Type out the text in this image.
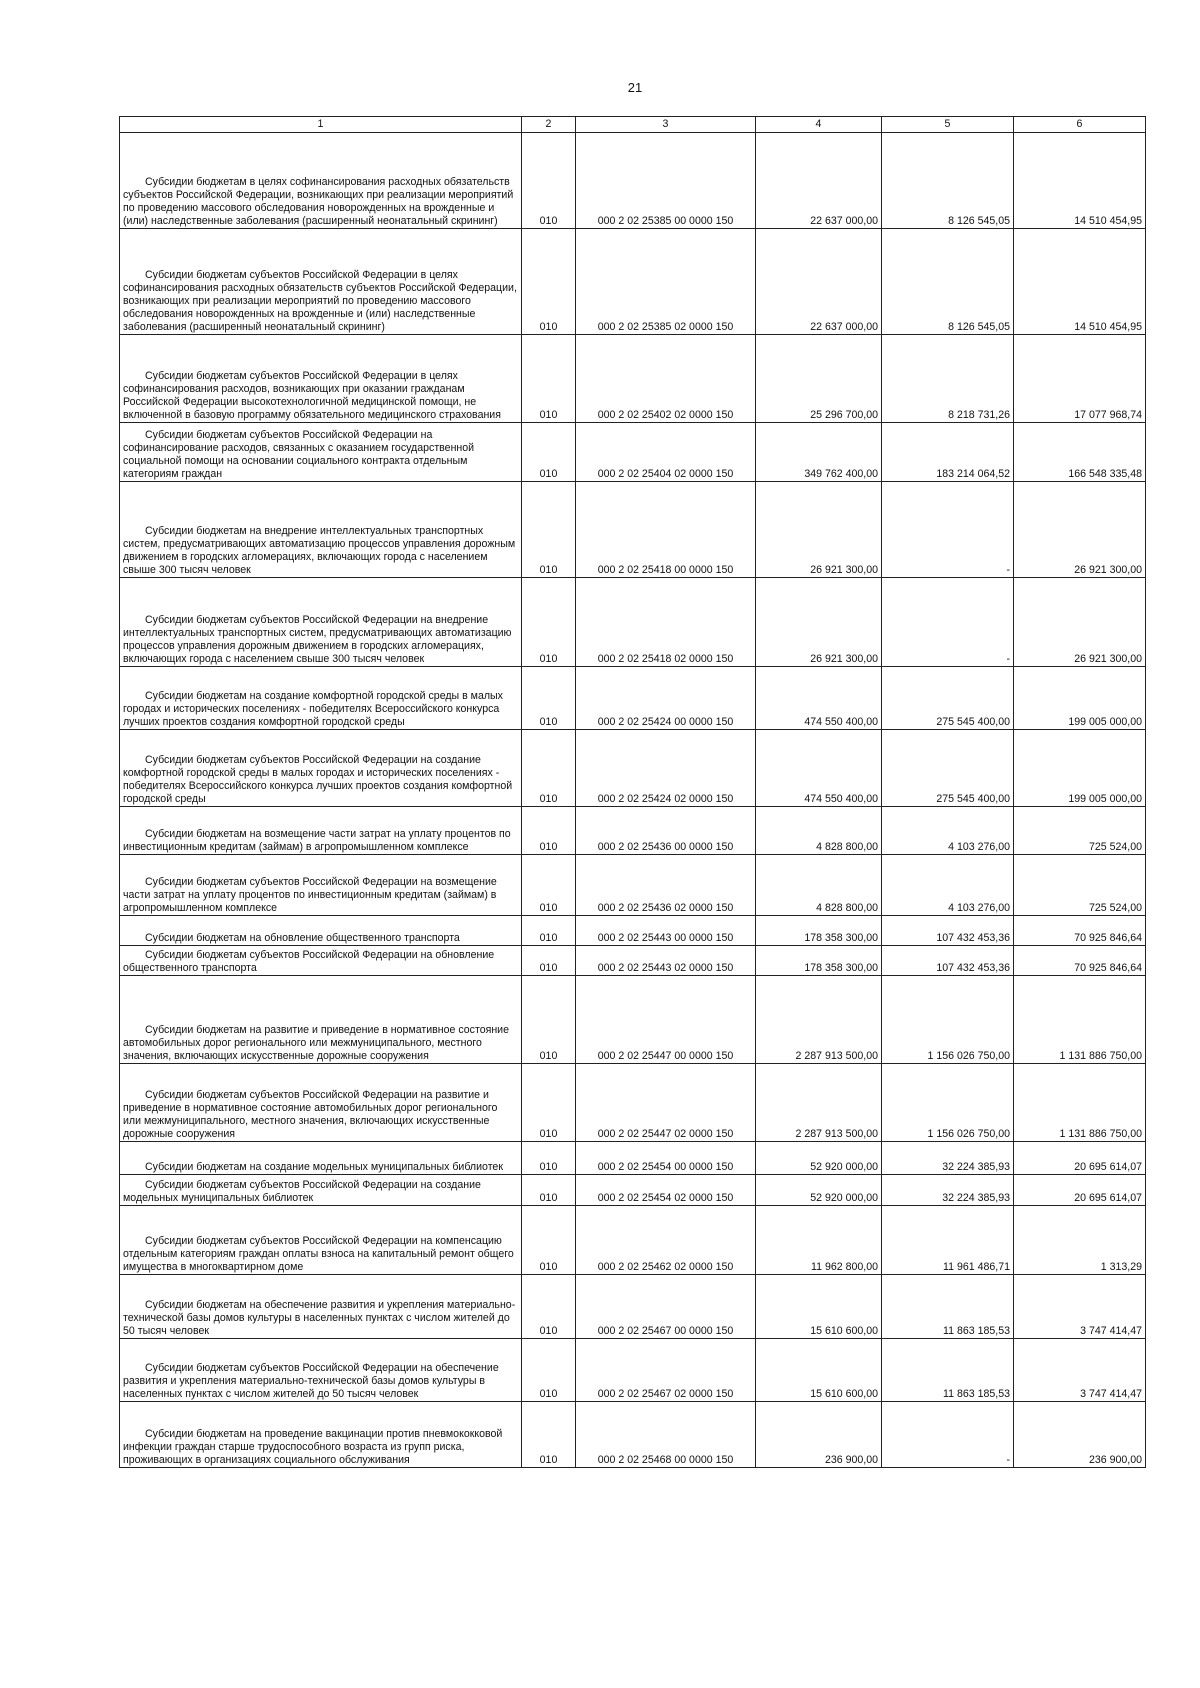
21
1	2	3	4	5	6
Субсидии бюджетам в целях софинансирования расходных обязательств субъектов Российской Федерации, возникающих при реализации мероприятий по проведению массового обследования новорожденных на врожденные и (или) наследственные заболевания (расширенный неонатальный скрининг)	010	000 2 02 25385 00 0000 150	22 637 000,00	8 126 545,05	14 510 454,95
Субсидии бюджетам субъектов Российской Федерации в целях софинансирования расходных обязательств субъектов Российской Федерации, возникающих при реализации мероприятий по проведению массового обследования новорожденных на врожденные и (или) наследственные заболевания (расширенный неонатальный скрининг)	010	000 2 02 25385 02 0000 150	22 637 000,00	8 126 545,05	14 510 454,95
Субсидии бюджетам субъектов Российской Федерации в целях софинансирования расходов, возникающих при оказании гражданам Российской Федерации высокотехнологичной медицинской помощи, не включенной в базовую программу обязательного медицинского страхования	010	000 2 02 25402 02 0000 150	25 296 700,00	8 218 731,26	17 077 968,74
Субсидии бюджетам субъектов Российской Федерации на софинансирование расходов, связанных с оказанием государственной социальной помощи на основании социального контракта отдельным категориям граждан	010	000 2 02 25404 02 0000 150	349 762 400,00	183 214 064,52	166 548 335,48
Субсидии бюджетам на внедрение интеллектуальных транспортных систем, предусматривающих автоматизацию процессов управления дорожным движением в городских агломерациях, включающих города с населением свыше 300 тысяч человек	010	000 2 02 25418 00 0000 150	26 921 300,00	-	26 921 300,00
Субсидии бюджетам субъектов Российской Федерации на внедрение интеллектуальных транспортных систем, предусматривающих автоматизацию процессов управления дорожным движением в городских агломерациях, включающих города с населением свыше 300 тысяч человек	010	000 2 02 25418 02 0000 150	26 921 300,00	-	26 921 300,00
Субсидии бюджетам на создание комфортной городской среды в малых городах и исторических поселениях - победителях Всероссийского конкурса лучших проектов создания комфортной городской среды	010	000 2 02 25424 00 0000 150	474 550 400,00	275 545 400,00	199 005 000,00
Субсидии бюджетам субъектов Российской Федерации на создание комфортной городской среды в малых городах и исторических поселениях - победителях Всероссийского конкурса лучших проектов создания комфортной городской среды	010	000 2 02 25424 02 0000 150	474 550 400,00	275 545 400,00	199 005 000,00
Субсидии бюджетам на возмещение части затрат на уплату процентов по инвестиционным кредитам (займам) в агропромышленном комплексе	010	000 2 02 25436 00 0000 150	4 828 800,00	4 103 276,00	725 524,00
Субсидии бюджетам субъектов Российской Федерации на возмещение части затрат на уплату процентов по инвестиционным кредитам (займам) в агропромышленном комплексе	010	000 2 02 25436 02 0000 150	4 828 800,00	4 103 276,00	725 524,00
Субсидии бюджетам на обновление общественного транспорта	010	000 2 02 25443 00 0000 150	178 358 300,00	107 432 453,36	70 925 846,64
Субсидии бюджетам субъектов Российской Федерации на обновление общественного транспорта	010	000 2 02 25443 02 0000 150	178 358 300,00	107 432 453,36	70 925 846,64
Субсидии бюджетам на развитие и приведение в нормативное состояние автомобильных дорог регионального или межмуниципального, местного значения, включающих искусственные дорожные сооружения	010	000 2 02 25447 00 0000 150	2 287 913 500,00	1 156 026 750,00	1 131 886 750,00
Субсидии бюджетам субъектов Российской Федерации на развитие и приведение в нормативное состояние автомобильных дорог регионального или межмуниципального, местного значения, включающих искусственные дорожные сооружения	010	000 2 02 25447 02 0000 150	2 287 913 500,00	1 156 026 750,00	1 131 886 750,00
Субсидии бюджетам на создание модельных муниципальных библиотек	010	000 2 02 25454 00 0000 150	52 920 000,00	32 224 385,93	20 695 614,07
Субсидии бюджетам субъектов Российской Федерации на создание модельных муниципальных библиотек	010	000 2 02 25454 02 0000 150	52 920 000,00	32 224 385,93	20 695 614,07
Субсидии бюджетам субъектов Российской Федерации на компенсацию отдельным категориям граждан оплаты взноса на капитальный ремонт общего имущества в многоквартирном доме	010	000 2 02 25462 02 0000 150	11 962 800,00	11 961 486,71	1 313,29
Субсидии бюджетам на обеспечение развития и укрепления материально-технической базы домов культуры в населенных пунктах с числом жителей до 50 тысяч человек	010	000 2 02 25467 00 0000 150	15 610 600,00	11 863 185,53	3 747 414,47
Субсидии бюджетам субъектов Российской Федерации на обеспечение развития и укрепления материально-технической базы домов культуры в населенных пунктах с числом жителей до 50 тысяч человек	010	000 2 02 25467 02 0000 150	15 610 600,00	11 863 185,53	3 747 414,47
Субсидии бюджетам на проведение вакцинации против пневмококковой инфекции граждан старше трудоспособного возраста из групп риска, проживающих в организациях социального обслуживания	010	000 2 02 25468 00 0000 150	236 900,00	-	236 900,00
